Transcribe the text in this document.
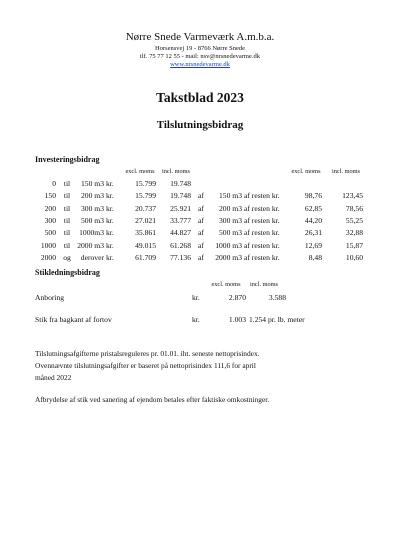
Nørre Snede Varmeværk A.m.b.a.
Horsensvej 19 - 8766 Nørre Snede
tlf. 75 77 12 55 - mail: nsv@nrsnedevarme.dk
www.nrsnedevarme.dk
Takstblad 2023
Tilslutningsbidrag
Investeringsbidrag
excl. moms	incl. moms	excl. moms	incl. moms
0	til	150 m3 kr.	15.799	19.748
150	til	200 m3 kr.	15.799	19.748 af	150 m3 af resten kr.	98,76	123,45
200	til	300 m3 kr.	20.737	25.921 af	200 m3 af resten kr.	62,85	78,56
300	til	500 m3 kr.	27.021	33.777 af	300 m3 af resten kr.	44,20	55,25
500	til	1000m3 kr.	35.861	44.827 af	500 m3 af resten kr.	26,31	32,88
1000	til 2000 m3 kr.	49.015	61.268 af	1000 m3 af resten kr.	12,69	15,87
2000 og	derover kr.	61.709	77.136 af	2000 m3 af resten kr.	8,48	10,60
Stikledningsbidrag
excl. moms	incl. moms
Anboring	kr.	2.870	3.588
Stik fra bagkant af fortov	kr.	1.003 1.254 pr. lb. meter
Tilslutningsafgifterne pristalsreguleres pr. 01.01. iht. seneste nettoprisindex.
Ovennævnte tilslutningsafgifter er baseret på nettoprisindex 111,6 for april
måned 2022
Afbrydelse af stik ved sanering af ejendom betales efter faktiske omkostninger.
